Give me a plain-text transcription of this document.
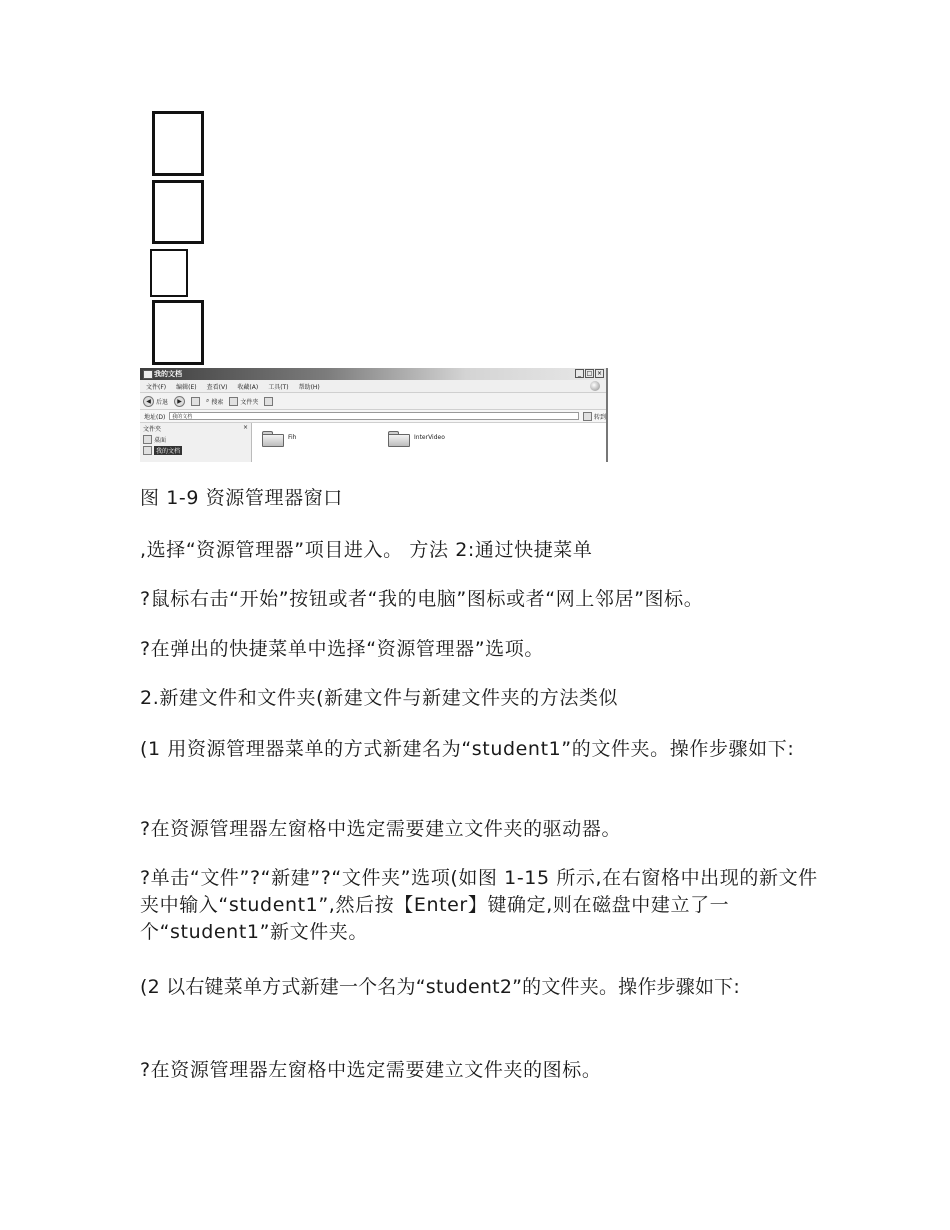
我的文档	_ □ ×
文件(F) 编辑(E) 查看(V) 收藏(A) 工具(T) 帮助(H)
◀ 后退	▶	⌕ 搜索	文件夹
地址(D) 我的文档	转到
文件夹	×
桌面
我的文档
Fih	InterVideo

图 1-9 资源管理器窗口

,选择“资源管理器”项目进入。 方法 2:通过快捷菜单

?鼠标右击“开始”按钮或者“我的电脑”图标或者“网上邻居”图标。

?在弹出的快捷菜单中选择“资源管理器”选项。

2.新建文件和文件夹(新建文件与新建文件夹的方法类似

(1 用资源管理器菜单的方式新建名为“student1”的文件夹。操作步骤如下:

?在资源管理器左窗格中选定需要建立文件夹的驱动器。

?单击“文件”?“新建”?“文件夹”选项(如图 1-15 所示,在右窗格中出现的新文件夹中输入“student1”,然后按【Enter】键确定,则在磁盘中建立了一个“student1”新文件夹。

(2 以右键菜单方式新建一个名为“student2”的文件夹。操作步骤如下:

?在资源管理器左窗格中选定需要建立文件夹的图标。
